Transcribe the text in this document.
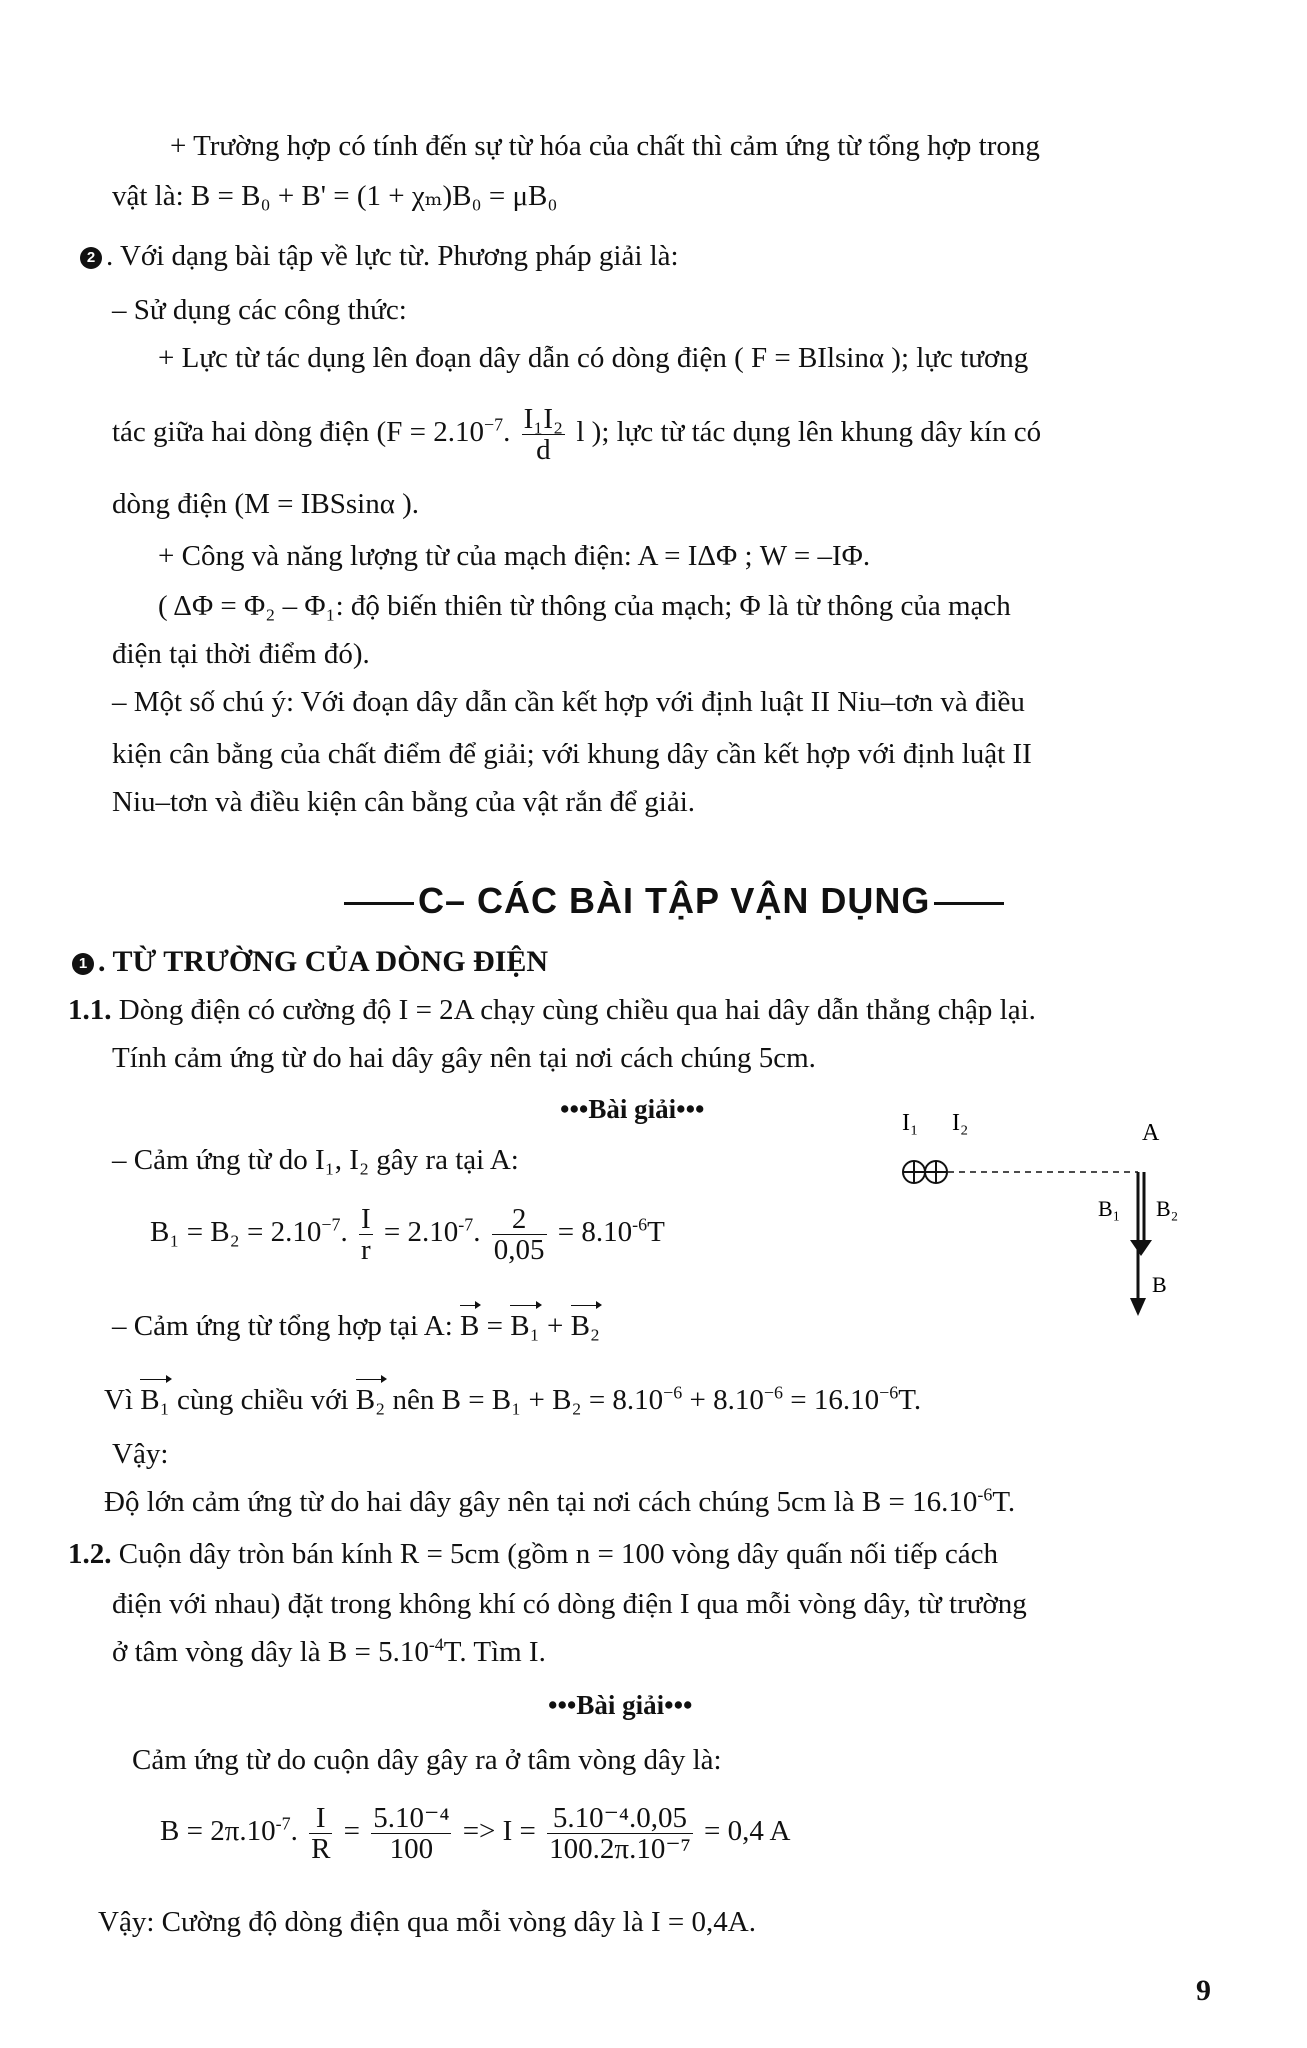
+ Trường hợp có tính đến sự từ hóa của chất thì cảm ứng từ tổng hợp trong
vật là: B = B₀ + B' = (1 + χₘ)B₀ = μB₀
2 . Với dạng bài tập về lực từ. Phương pháp giải là:
– Sử dụng các công thức:
+ Lực từ tác dụng lên đoạn dây dẫn có dòng điện ( F = BIlsinα ); lực tương
tác giữa hai dòng điện ($F = 2.10^{-7}$. $\frac{\text{I₁I₂}}{d}$ l ); lực từ tác dụng lên khung dây kín có
dòng điện (M = IBSsinα ).
+ Công và năng lượng từ của mạch điện: A = IΔΦ ; W = –IΦ.
( ΔΦ = Φ₂ – Φ₁: độ biến thiên từ thông của mạch; Φ là từ thông của mạch
điện tại thời điểm đó).
– Một số chú ý: Với đoạn dây dẫn cần kết hợp với định luật II Niu–tơn và điều
kiện cân bằng của chất điểm để giải; với khung dây cần kết hợp với định luật II
Niu–tơn và điều kiện cân bằng của vật rắn để giải.
C– CÁC BÀI TẬP VẬN DỤNG
1 . TỪ TRƯỜNG CỦA DÒNG ĐIỆN
1.1. Dòng điện có cường độ I = 2A chạy cùng chiều qua hai dây dẫn thẳng chập lại.
Tính cảm ứng từ do hai dây gây nên tại nơi cách chúng 5cm.
•••Bài giải•••
– Cảm ứng từ do I₁, I₂ gây ra tại A:
$B_1 = B_2 = 2.10^{-7}$. $\frac{I}{r} = 2.10^{-7}$. $\frac{2}{0,05} = 8.10^{-6}T$
– Cảm ứng từ tổng hợp tại A: B = B₁ + B₂
Vì B₁ cùng chiều với B₂ nên $B = B_1 + B_2 = 8.10^{-6} + 8.10^{-6} = 16.10^{-6}T$.
Vậy:
Độ lớn cảm ứng từ do hai dây gây nên tại nơi cách chúng 5cm là $B = 16.10^{-6}T$.
I₁ I₂	A
B₁ B₂
B
1.2. Cuộn dây tròn bán kính R = 5cm (gồm n = 100 vòng dây quấn nối tiếp cách
điện với nhau) đặt trong không khí có dòng điện I qua mỗi vòng dây, từ trường
ở tâm vòng dây là $B = 5.10^{-4}T$. Tìm I.
•••Bài giải•••
Cảm ứng từ do cuộn dây gây ra ở tâm vòng dây là:
$B = 2\pi.10^{-7}$. $\frac{I}{R} = \frac{\text{5.10⁻⁴}}{100} => I = \frac{\text{5.10⁻⁴.0,05}}{\text{100.2π.10⁻⁷}} = 0,4$ A
Vậy: Cường độ dòng điện qua mỗi vòng dây là I = 0,4A.
9
